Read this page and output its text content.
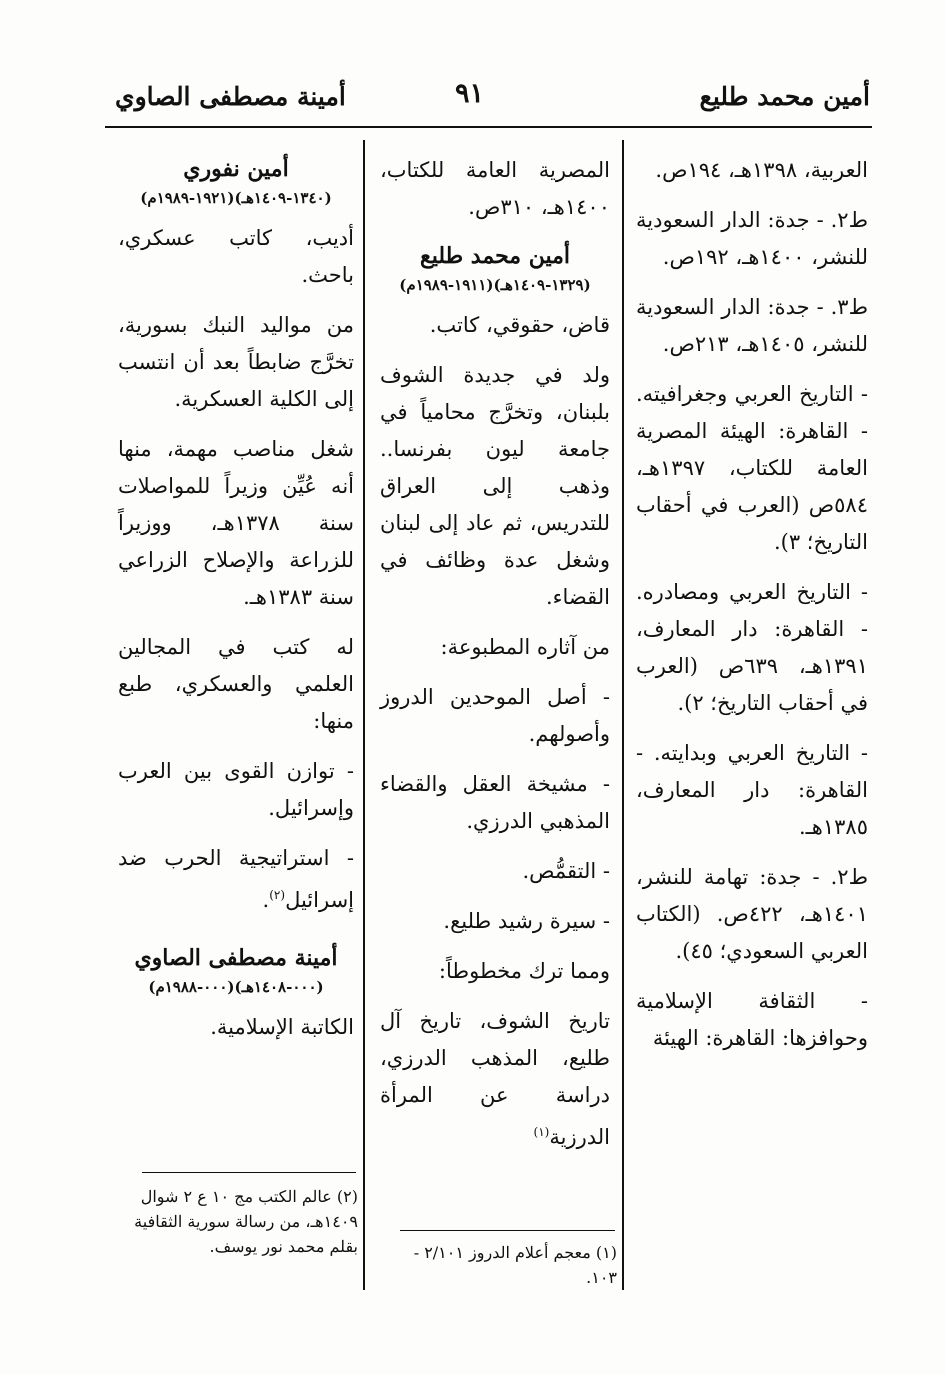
أمين محمد طليع
٩١
أمينة مصطفى الصاوي

العربية، ١٣٩٨هـ، ١٩٤ص.

ط٢. - جدة: الدار السعودية للنشر، ١٤٠٠هـ، ١٩٢ص.

ط٣. - جدة: الدار السعودية للنشر، ١٤٠٥هـ، ٢١٣ص.

- التاريخ العربي وجغرافيته. - القاهرة: الهيئة المصرية العامة للكتاب، ١٣٩٧هـ، ٥٨٤ص (العرب في أحقاب التاريخ؛ ٣).

- التاريخ العربي ومصادره. - القاهرة: دار المعارف، ١٣٩١هـ، ٦٣٩ص (العرب في أحقاب التاريخ؛ ٢).

- التاريخ العربي وبدايته. - القاهرة: دار المعارف، ١٣٨٥هـ.

ط٢. - جدة: تهامة للنشر، ١٤٠١هـ، ٤٢٢ص. (الكتاب العربي السعودي؛ ٤٥).

- الثقافة الإسلامية وحوافزها: القاهرة: الهيئة

المصرية العامة للكتاب، ١٤٠٠هـ، ٣١٠ص.

أمين محمد طليع
(١٣٢٩-١٤٠٩هـ)(١٩١١-١٩٨٩م)

قاض، حقوقي، كاتب.

ولد في جديدة الشوف بلبنان، وتخرَّج محامياً في جامعة ليون بفرنسا.. وذهب إلى العراق للتدريس، ثم عاد إلى لبنان وشغل عدة وظائف في القضاء.

من آثاره المطبوعة:

- أصل الموحدين الدروز وأصولهم.

- مشيخة العقل والقضاء المذهبي الدرزي.

- التقمُّص.

- سيرة رشيد طليع.

ومما ترك مخطوطاً:

تاريخ الشوف، تاريخ آل طليع، المذهب الدرزي، دراسة عن المرأة الدرزية$^{(١)}$

(١) معجم أعلام الدروز ٢/١٠١ - ١٠٣.

أمين نفوري
(١٣٤٠-١٤٠٩هـ)(١٩٢١-١٩٨٩م)

أديب، كاتب عسكري، باحث.

من مواليد النبك بسورية، تخرَّج ضابطاً بعد أن انتسب إلى الكلية العسكرية.

شغل مناصب مهمة، منها أنه عُيِّن وزيراً للمواصلات سنة ١٣٧٨هـ، ووزيراً للزراعة والإصلاح الزراعي سنة ١٣٨٣هـ.

له كتب في المجالين العلمي والعسكري، طبع منها:

- توازن القوى بين العرب وإسرائيل.

- استراتيجية الحرب ضد إسرائيل$^{(٢)}$.

أمينة مصطفى الصاوي
(٠٠٠-١٤٠٨هـ)(٠٠٠-١٩٨٨م)

الكاتبة الإسلامية.

(٢) عالم الكتب مج ١٠ ع ٢ شوال ١٤٠٩هـ، من رسالة سورية الثقافية بقلم محمد نور يوسف.
